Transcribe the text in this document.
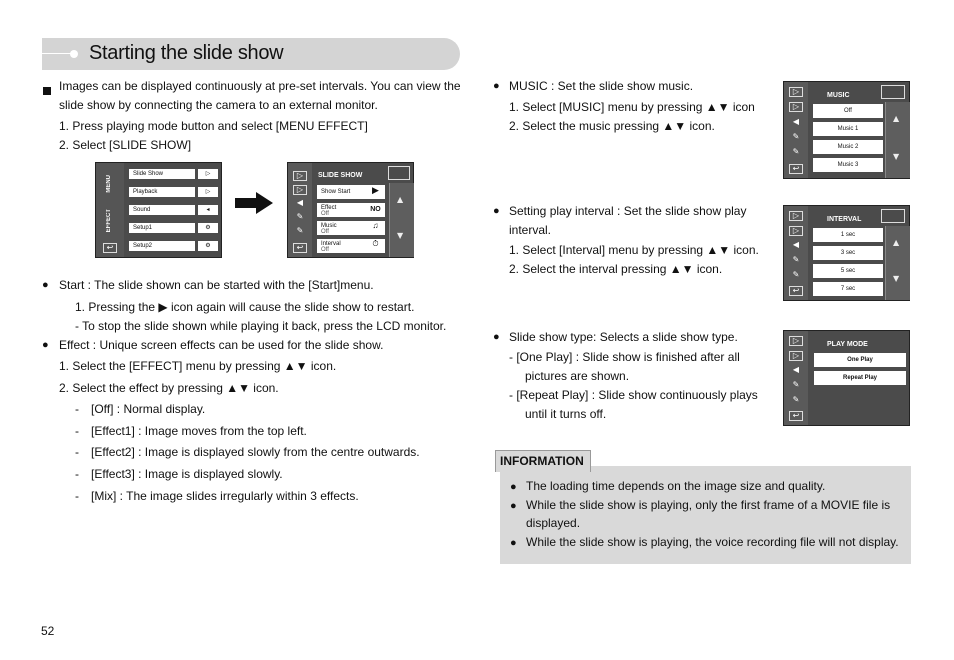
Starting the slide show
Images can be displayed continuously at pre-set intervals. You can view the
slide show by connecting the camera to an external monitor.
1. Press playing mode button and select [MENU EFFECT]
2. Select [SLIDE SHOW]
MENU
EFFECT
↩
Slide Show
Playback
Sound
Setup1
Setup2
▷
▷
◂
⚙
⚙
▷
▷
◀
✎
✎
↩
SLIDE SHOW
Show Start
Effect
Off
Music
Off
Interval
Off
▶
NO
♫
⏱
▲
▼
● Start : The slide shown can be started with the [Start]menu.
1. Pressing the ▶ icon again will cause the slide show to restart.
- To stop the slide shown while playing it back, press the LCD monitor.
● Effect : Unique screen effects can be used for the slide show.
1. Select the [EFFECT] menu by pressing ▲▼ icon.
2. Select the effect by pressing ▲▼ icon.
- [Off] : Normal display.
- [Effect1] : Image moves from the top left.
- [Effect2] : Image is displayed slowly from the centre outwards.
- [Effect3] : Image is displayed slowly.
- [Mix] : The image slides irregularly within 3 effects.
● MUSIC : Set the slide show music.
1. Select [MUSIC] menu by pressing ▲▼ icon
2. Select the music pressing ▲▼ icon.
● Setting play interval : Set the slide show play
interval.
1. Select [Interval] menu by pressing ▲▼ icon.
2. Select the interval pressing ▲▼ icon.
● Slide show type: Selects a slide show type.
- [One Play] : Slide show is finished after all
pictures are shown.
- [Repeat Play] : Slide show continuously plays
until it turns off.
▷
▷
◀
✎
✎
↩
MUSIC
Off
Music 1
Music 2
Music 3
▲
▼
▷
▷
◀
✎
✎
↩
INTERVAL
1 sec
3 sec
5 sec
7 sec
▲
▼
▷
▷
◀
✎
✎
↩
PLAY MODE
One Play
Repeat Play
INFORMATION
● The loading time depends on the image size and quality.
● While the slide show is playing, only the first frame of a MOVIE file is
displayed.
● While the slide show is playing, the voice recording file will not display.
52
